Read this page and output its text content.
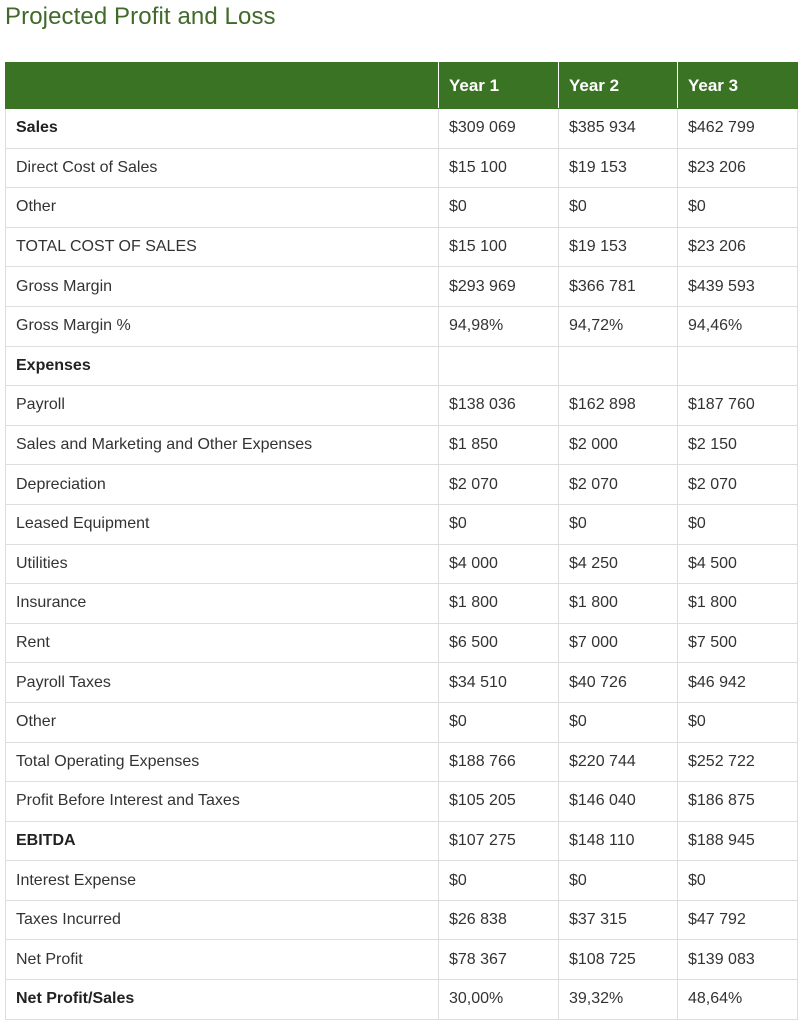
Projected Profit and Loss
	Year 1	Year 2	Year 3
Sales	$309 069	$385 934	$462 799
Direct Cost of Sales	$15 100	$19 153	$23 206
Other	$0	$0	$0
TOTAL COST OF SALES	$15 100	$19 153	$23 206
Gross Margin	$293 969	$366 781	$439 593
Gross Margin %	94,98%	94,72%	94,46%
Expenses			
Payroll	$138 036	$162 898	$187 760
Sales and Marketing and Other Expenses	$1 850	$2 000	$2 150
Depreciation	$2 070	$2 070	$2 070
Leased Equipment	$0	$0	$0
Utilities	$4 000	$4 250	$4 500
Insurance	$1 800	$1 800	$1 800
Rent	$6 500	$7 000	$7 500
Payroll Taxes	$34 510	$40 726	$46 942
Other	$0	$0	$0
Total Operating Expenses	$188 766	$220 744	$252 722
Profit Before Interest and Taxes	$105 205	$146 040	$186 875
EBITDA	$107 275	$148 110	$188 945
Interest Expense	$0	$0	$0
Taxes Incurred	$26 838	$37 315	$47 792
Net Profit	$78 367	$108 725	$139 083
Net Profit/Sales	30,00%	39,32%	48,64%
